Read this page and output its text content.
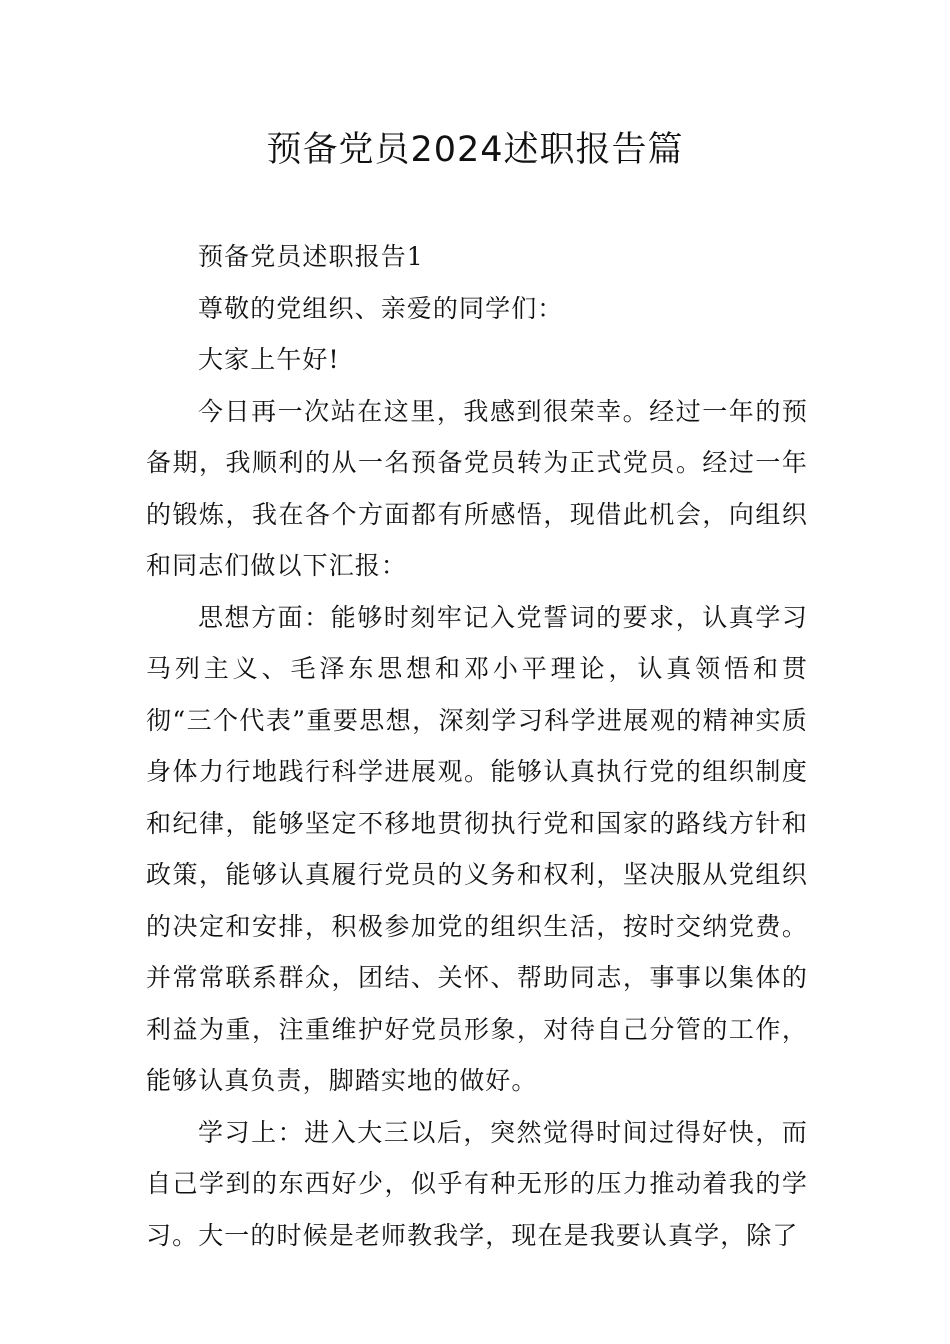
预备党员2024述职报告篇

预备党员述职报告1

尊敬的党组织、亲爱的同学们：

大家上午好!

今日再一次站在这里，我感到很荣幸。经过一年的预备期，我顺利的从一名预备党员转为正式党员。经过一年的锻炼，我在各个方面都有所感悟，现借此机会，向组织和同志们做以下汇报：

思想方面：能够时刻牢记入党誓词的要求，认真学习马列主义、毛泽东思想和邓小平理论，认真领悟和贯彻“三个代表”重要思想，深刻学习科学进展观的精神实质身体力行地践行科学进展观。能够认真执行党的组织制度和纪律，能够坚定不移地贯彻执行党和国家的路线方针和政策，能够认真履行党员的义务和权利，坚决服从党组织的决定和安排，积极参加党的组织生活，按时交纳党费。并常常联系群众，团结、关怀、帮助同志，事事以集体的利益为重，注重维护好党员形象，对待自己分管的工作，能够认真负责，脚踏实地的做好。

学习上：进入大三以后，突然觉得时间过得好快，而自己学到的东西好少，似乎有种无形的压力推动着我的学习。大一的时候是老师教我学，现在是我要认真学，除了
